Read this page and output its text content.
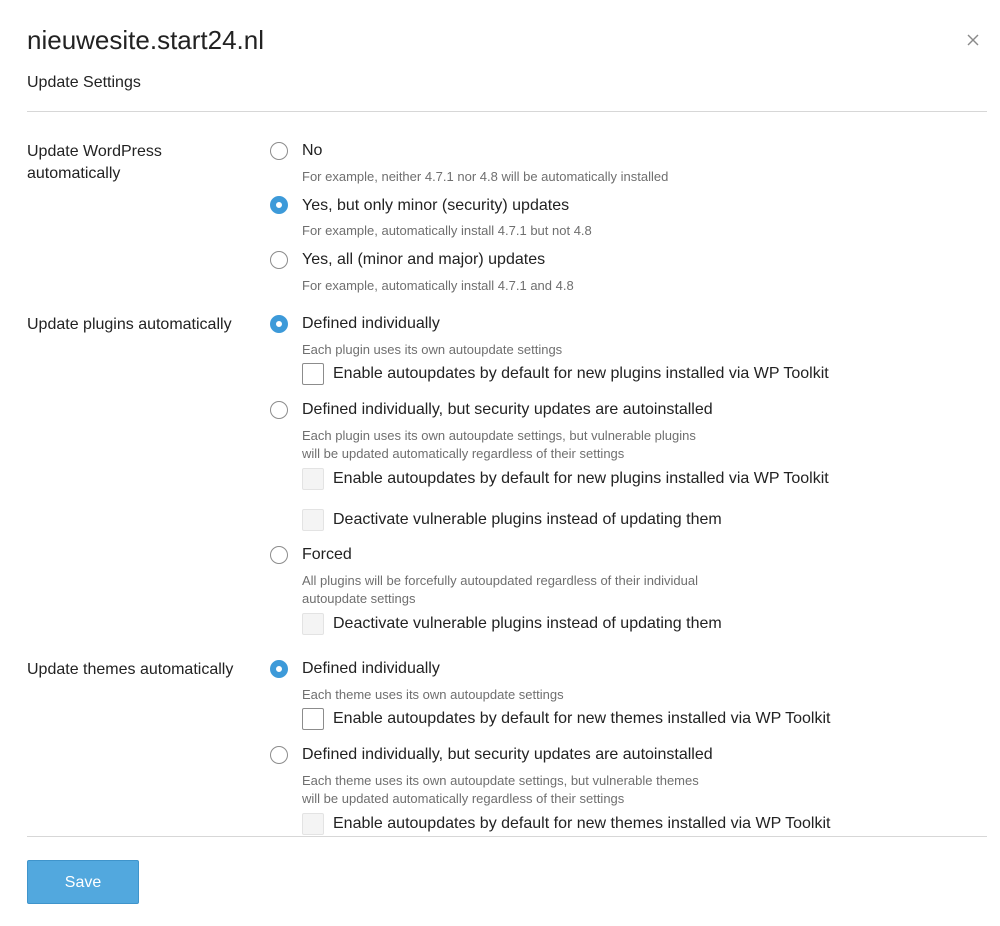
nieuwesite.start24.nl
Update Settings
Update WordPress automatically
No
For example, neither 4.7.1 nor 4.8 will be automatically installed
Yes, but only minor (security) updates
For example, automatically install 4.7.1 but not 4.8
Yes, all (minor and major) updates
For example, automatically install 4.7.1 and 4.8
Update plugins automatically	Defined individually
Each plugin uses its own autoupdate settings
Enable autoupdates by default for new plugins installed via WP Toolkit
Defined individually, but security updates are autoinstalled
Each plugin uses its own autoupdate settings, but vulnerable plugins
will be updated automatically regardless of their settings
Enable autoupdates by default for new plugins installed via WP Toolkit
Deactivate vulnerable plugins instead of updating them
Forced
All plugins will be forcefully autoupdated regardless of their individual
autoupdate settings
Deactivate vulnerable plugins instead of updating them
Update themes automatically	Defined individually
Each theme uses its own autoupdate settings
Enable autoupdates by default for new themes installed via WP Toolkit
Defined individually, but security updates are autoinstalled
Each theme uses its own autoupdate settings, but vulnerable themes
will be updated automatically regardless of their settings
Enable autoupdates by default for new themes installed via WP Toolkit
Save
